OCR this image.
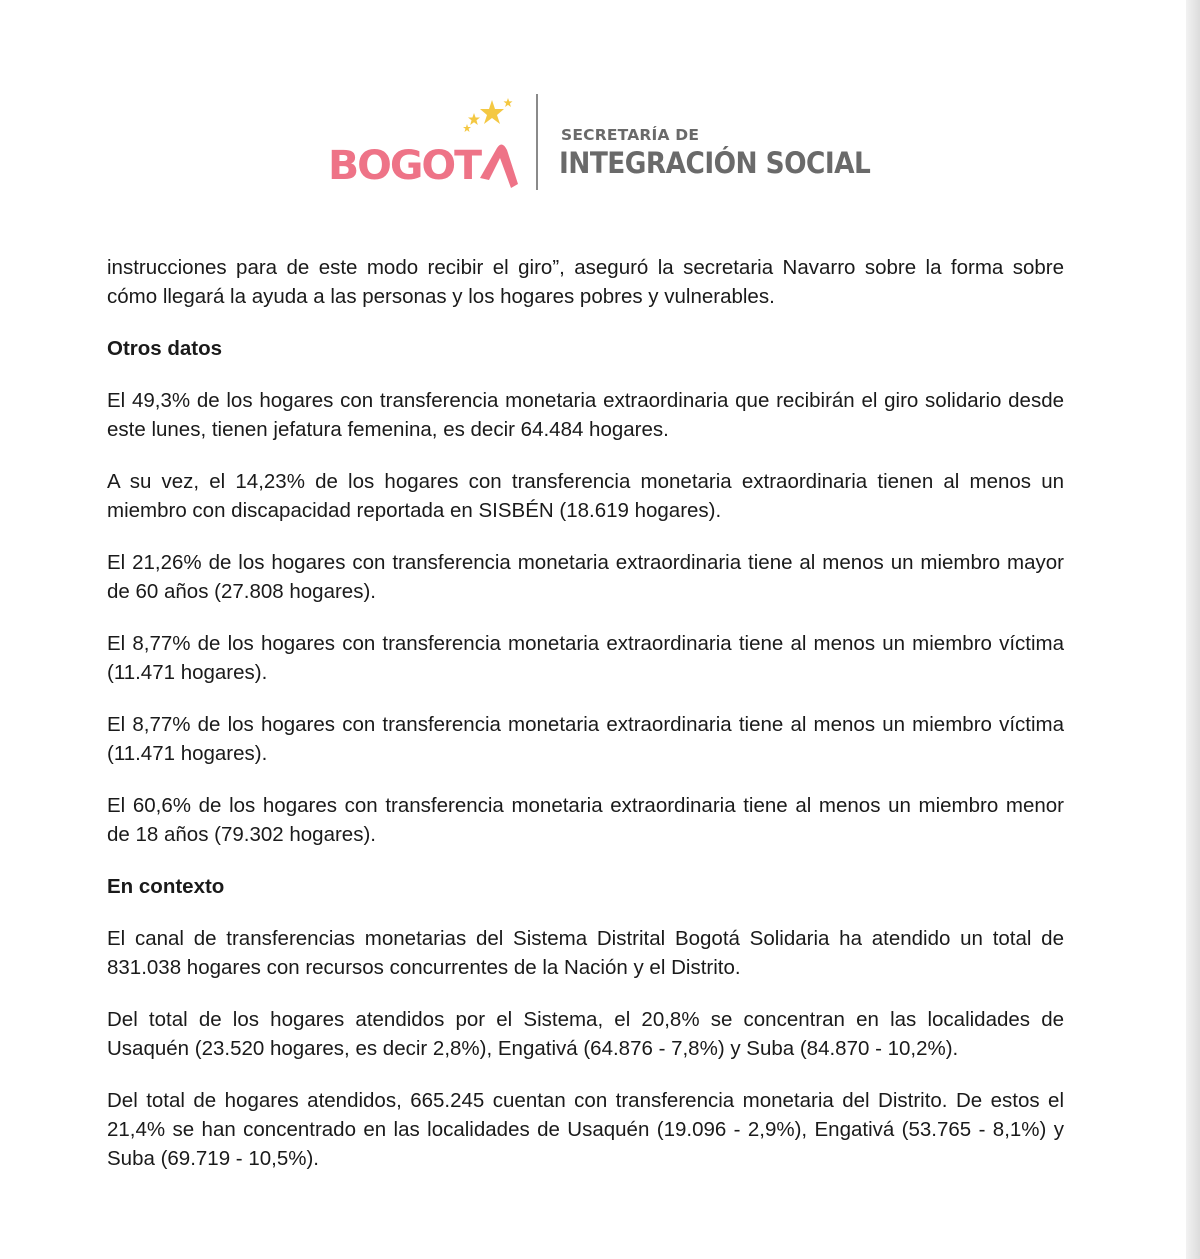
BOGOT
SECRETARÍA DE
INTEGRACIÓN SOCIAL

instrucciones para de este modo recibir el giro”, aseguró la secretaria Navarro sobre la forma sobre cómo llegará la ayuda a las personas y los hogares pobres y vulnerables.

Otros datos

El 49,3% de los hogares con transferencia monetaria extraordinaria que recibirán el giro solidario desde este lunes, tienen jefatura femenina, es decir 64.484 hogares.

A su vez, el 14,23% de los hogares con transferencia monetaria extraordinaria tienen al menos un miembro con discapacidad reportada en SISBÉN (18.619 hogares).

El 21,26% de los hogares con transferencia monetaria extraordinaria tiene al menos un miembro mayor de 60 años (27.808 hogares).

El 8,77% de los hogares con transferencia monetaria extraordinaria tiene al menos un miembro víctima (11.471 hogares).

El 8,77% de los hogares con transferencia monetaria extraordinaria tiene al menos un miembro víctima (11.471 hogares).

El 60,6% de los hogares con transferencia monetaria extraordinaria tiene al menos un miembro menor de 18 años (79.302 hogares).

En contexto

El canal de transferencias monetarias del Sistema Distrital Bogotá Solidaria ha atendido un total de 831.038 hogares con recursos concurrentes de la Nación y el Distrito.

Del total de los hogares atendidos por el Sistema, el 20,8% se concentran en las localidades de Usaquén (23.520 hogares, es decir 2,8%), Engativá (64.876 - 7,8%) y Suba (84.870 - 10,2%).

Del total de hogares atendidos, 665.245 cuentan con transferencia monetaria del Distrito. De estos el 21,4% se han concentrado en las localidades de Usaquén (19.096 - 2,9%), Engativá (53.765 - 8,1%) y Suba (69.719 - 10,5%).
